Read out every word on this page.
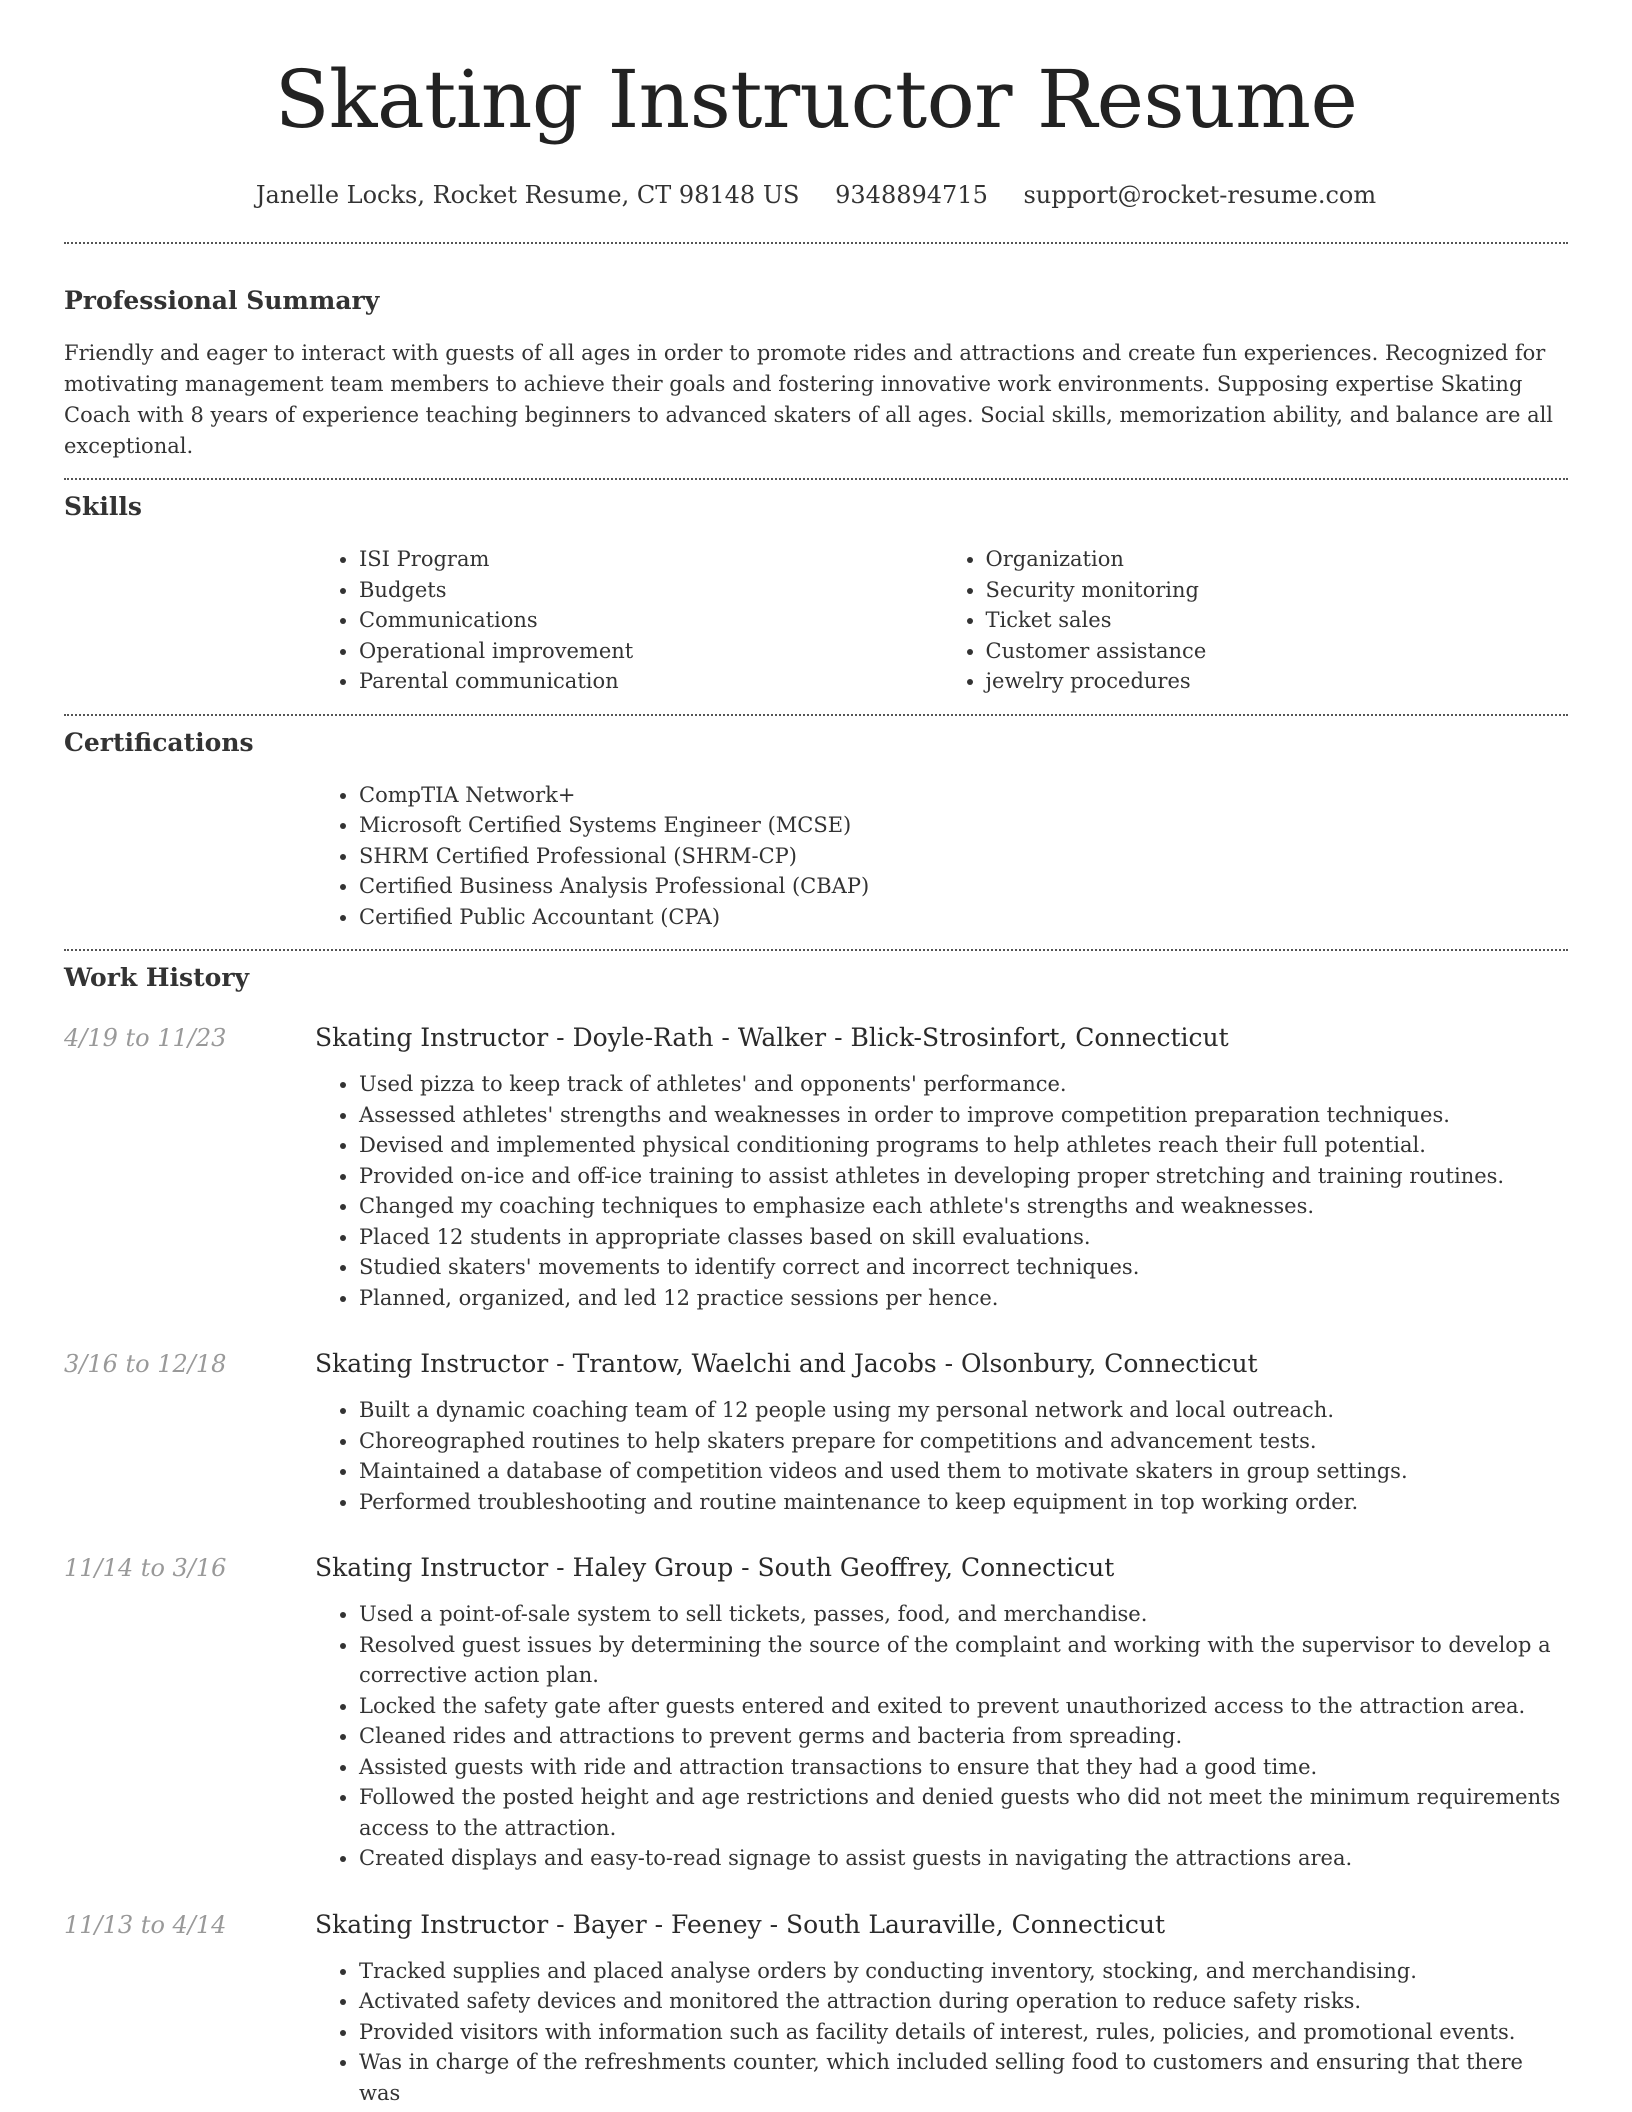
Skating Instructor Resume
Janelle Locks, Rocket Resume, CT 98148 US 9348894715 support@rocket-resume.com
Professional Summary

Friendly and eager to interact with guests of all ages in order to promote rides and attractions and create fun experiences. Recognized for motivating management team members to achieve their goals and fostering innovative work environments. Supposing expertise Skating Coach with 8 years of experience teaching beginners to advanced skaters of all ages. Social skills, memorization ability, and balance are all exceptional.

Skills
• ISI Program
• Budgets
• Communications
• Operational improvement
• Parental communication
• Organization
• Security monitoring
• Ticket sales
• Customer assistance
• jewelry procedures
Certifications
• CompTIA Network+
• Microsoft Certified Systems Engineer (MCSE)
• SHRM Certified Professional (SHRM-CP)
• Certified Business Analysis Professional (CBAP)
• Certified Public Accountant (CPA)
Work History
4/19 to 11/23	Skating Instructor - Doyle-Rath - Walker - Blick-Strosinfort, Connecticut
• Used pizza to keep track of athletes' and opponents' performance.
• Assessed athletes' strengths and weaknesses in order to improve competition preparation techniques.
• Devised and implemented physical conditioning programs to help athletes reach their full potential.
• Provided on-ice and off-ice training to assist athletes in developing proper stretching and training routines.
• Changed my coaching techniques to emphasize each athlete's strengths and weaknesses.
• Placed 12 students in appropriate classes based on skill evaluations.
• Studied skaters' movements to identify correct and incorrect techniques.
• Planned, organized, and led 12 practice sessions per hence.
3/16 to 12/18	Skating Instructor - Trantow, Waelchi and Jacobs - Olsonbury, Connecticut
• Built a dynamic coaching team of 12 people using my personal network and local outreach.
• Choreographed routines to help skaters prepare for competitions and advancement tests.
• Maintained a database of competition videos and used them to motivate skaters in group settings.
• Performed troubleshooting and routine maintenance to keep equipment in top working order.
11/14 to 3/16	Skating Instructor - Haley Group - South Geoffrey, Connecticut
• Used a point-of-sale system to sell tickets, passes, food, and merchandise.
• Resolved guest issues by determining the source of the complaint and working with the supervisor to develop a corrective action plan.
• Locked the safety gate after guests entered and exited to prevent unauthorized access to the attraction area.
• Cleaned rides and attractions to prevent germs and bacteria from spreading.
• Assisted guests with ride and attraction transactions to ensure that they had a good time.
• Followed the posted height and age restrictions and denied guests who did not meet the minimum requirements access to the attraction.
• Created displays and easy-to-read signage to assist guests in navigating the attractions area.
11/13 to 4/14	Skating Instructor - Bayer - Feeney - South Lauraville, Connecticut
• Tracked supplies and placed analyse orders by conducting inventory, stocking, and merchandising.
• Activated safety devices and monitored the attraction during operation to reduce safety risks.
• Provided visitors with information such as facility details of interest, rules, policies, and promotional events.
• Was in charge of the refreshments counter, which included selling food to customers and ensuring that there was
